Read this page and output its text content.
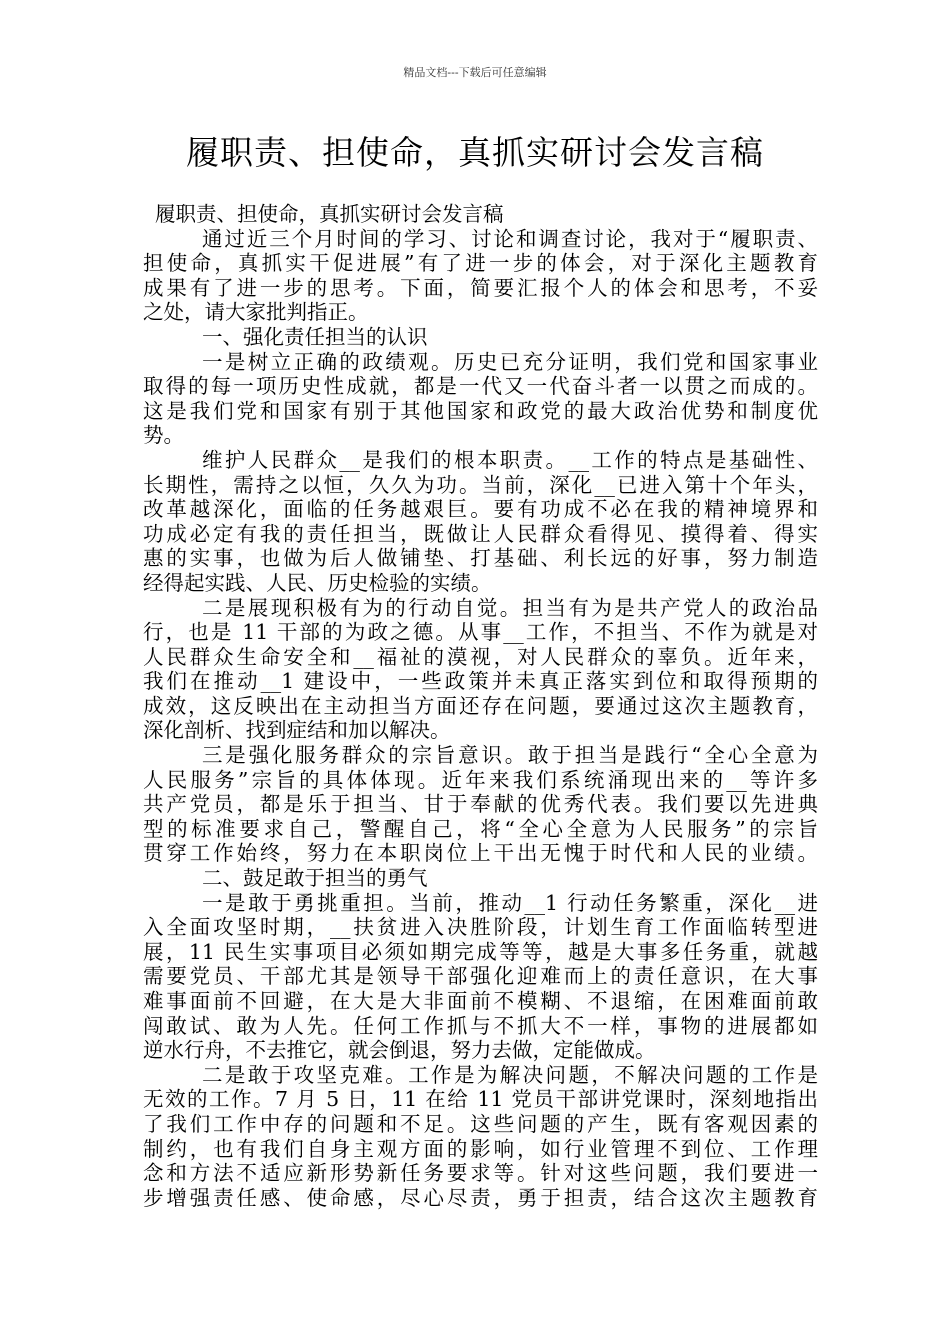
精品文档---下载后可任意编辑
履职责、担使命，真抓实研讨会发言稿
履职责、担使命，真抓实研讨会发言稿
通过近三个月时间的学习、讨论和调查讨论，我对于“履职责、
担使命，真抓实干促进展”有了进一步的体会，对于深化主题教育
成果有了进一步的思考。下面，简要汇报个人的体会和思考，不妥
之处，请大家批判指正。
一、强化责任担当的认识
一是树立正确的政绩观。历史已充分证明，我们党和国家事业
取得的每一项历史性成就，都是一代又一代奋斗者一以贯之而成的。
这是我们党和国家有别于其他国家和政党的最大政治优势和制度优
势。
维护人民群众__是我们的根本职责。__工作的特点是基础性、
长期性，需持之以恒，久久为功。当前，深化__已进入第十个年头，
改革越深化，面临的任务越艰巨。要有功成不必在我的精神境界和
功成必定有我的责任担当，既做让人民群众看得见、摸得着、得实
惠的实事，也做为后人做铺垫、打基础、利长远的好事，努力制造
经得起实践、人民、历史检验的实绩。
二是展现积极有为的行动自觉。担当有为是共产党人的政治品
行，也是 11 干部的为政之德。从事__工作，不担当、不作为就是对
人民群众生命安全和__福祉的漠视，对人民群众的辜负。近年来，
我们在推动__1 建设中，一些政策并未真正落实到位和取得预期的
成效，这反映出在主动担当方面还存在问题，要通过这次主题教育，
深化剖析、找到症结和加以解决。
三是强化服务群众的宗旨意识。敢于担当是践行“全心全意为
人民服务”宗旨的具体体现。近年来我们系统涌现出来的__等许多
共产党员，都是乐于担当、甘于奉献的优秀代表。我们要以先进典
型的标准要求自己，警醒自己，将“全心全意为人民服务”的宗旨
贯穿工作始终，努力在本职岗位上干出无愧于时代和人民的业绩。
二、鼓足敢于担当的勇气
一是敢于勇挑重担。当前，推动__1 行动任务繁重，深化__进
入全面攻坚时期，__扶贫进入决胜阶段，计划生育工作面临转型进
展，11 民生实事项目必须如期完成等等，越是大事多任务重，就越
需要党员、干部尤其是领导干部强化迎难而上的责任意识，在大事
难事面前不回避，在大是大非面前不模糊、不退缩，在困难面前敢
闯敢试、敢为人先。任何工作抓与不抓大不一样，事物的进展都如
逆水行舟，不去推它，就会倒退，努力去做，定能做成。
二是敢于攻坚克难。工作是为解决问题，不解决问题的工作是
无效的工作。7 月 5 日，11 在给 11 党员干部讲党课时，深刻地指出
了我们工作中存的问题和不足。这些问题的产生，既有客观因素的
制约，也有我们自身主观方面的影响，如行业管理不到位、工作理
念和方法不适应新形势新任务要求等。针对这些问题，我们要进一
步增强责任感、使命感，尽心尽责，勇于担责，结合这次主题教育
